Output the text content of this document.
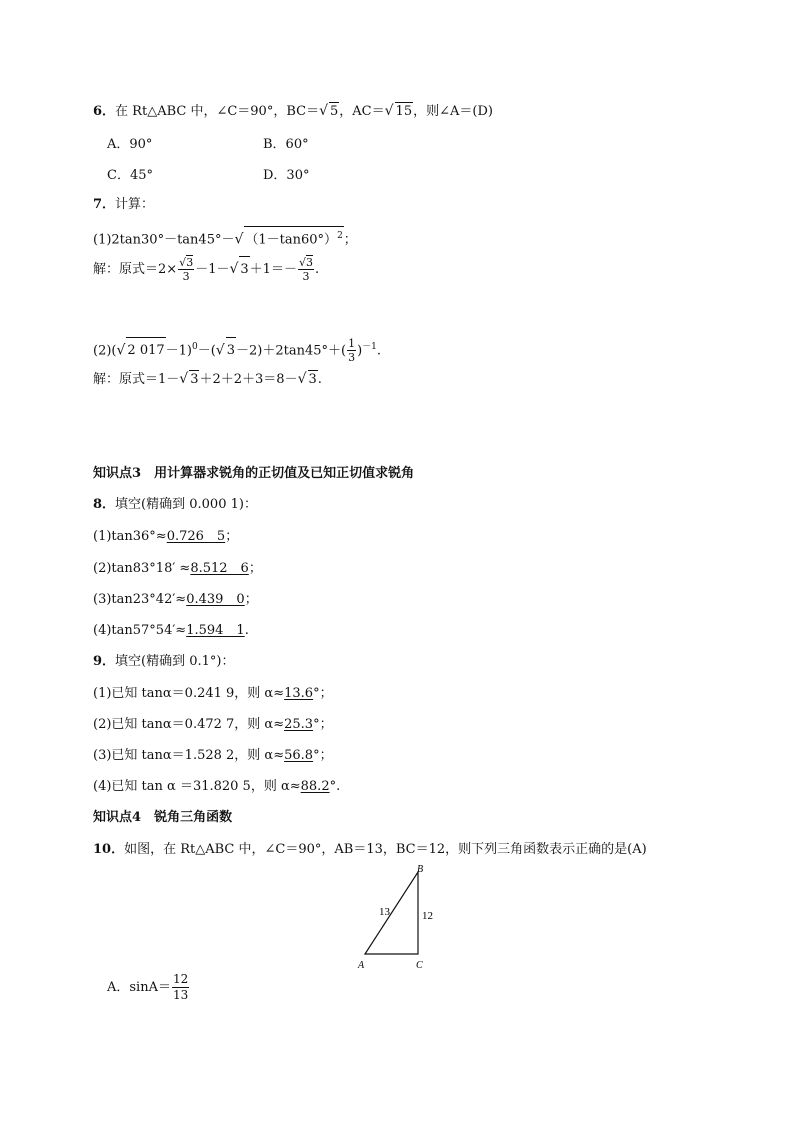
6．在 Rt△ABC 中，∠C＝90°，BC＝√ 5，AC＝√ 15，则∠A＝(D)
A．90°	B．60°
C．45°	D．30°
7．计算：
(1)2tan30°－tan45°－√ $(1-\tan 60^\circ)^2$；
解：原式$=2\times \frac{√3}{3} -1-√$ $3+1=- \frac{√3}{3}$ .
(2)(√ 2 017－1)$^0$－(√ $3-2)+2\tan 45^\circ+( \frac{1}{3} )^{-1}$.
解：原式＝1－√ 3＋2＋2＋3＝8－√ 3.
知识点3　 用计算器求锐角的正切值及已知正切值求锐角
8．填空(精确到 0.000 1)：
(1)tan36°≈0.726　5；
(2)tan83°18′ ≈8.512　6；
(3)tan23°42′≈0.439　0；
(4)tan57°54′≈1.594　1.
9．填空(精确到 0.1°)：
(1)已知 tanα＝0.241 9，则 α≈13.6°；
(2)已知 tanα＝0.472 7，则 α≈25.3°；
(3)已知 tanα＝1.528 2，则 α≈56.8°；
(4)已知 tan α ＝31.820 5，则 α≈88.2°.
知识点4　 锐角三角函数
10．如图，在 Rt△ABC 中，∠C＝90°，AB＝13，BC＝12，则下列三角函数表示正确的是(A)
A
B
C
13	12
A．$\sin A= \frac{12}{13}$
